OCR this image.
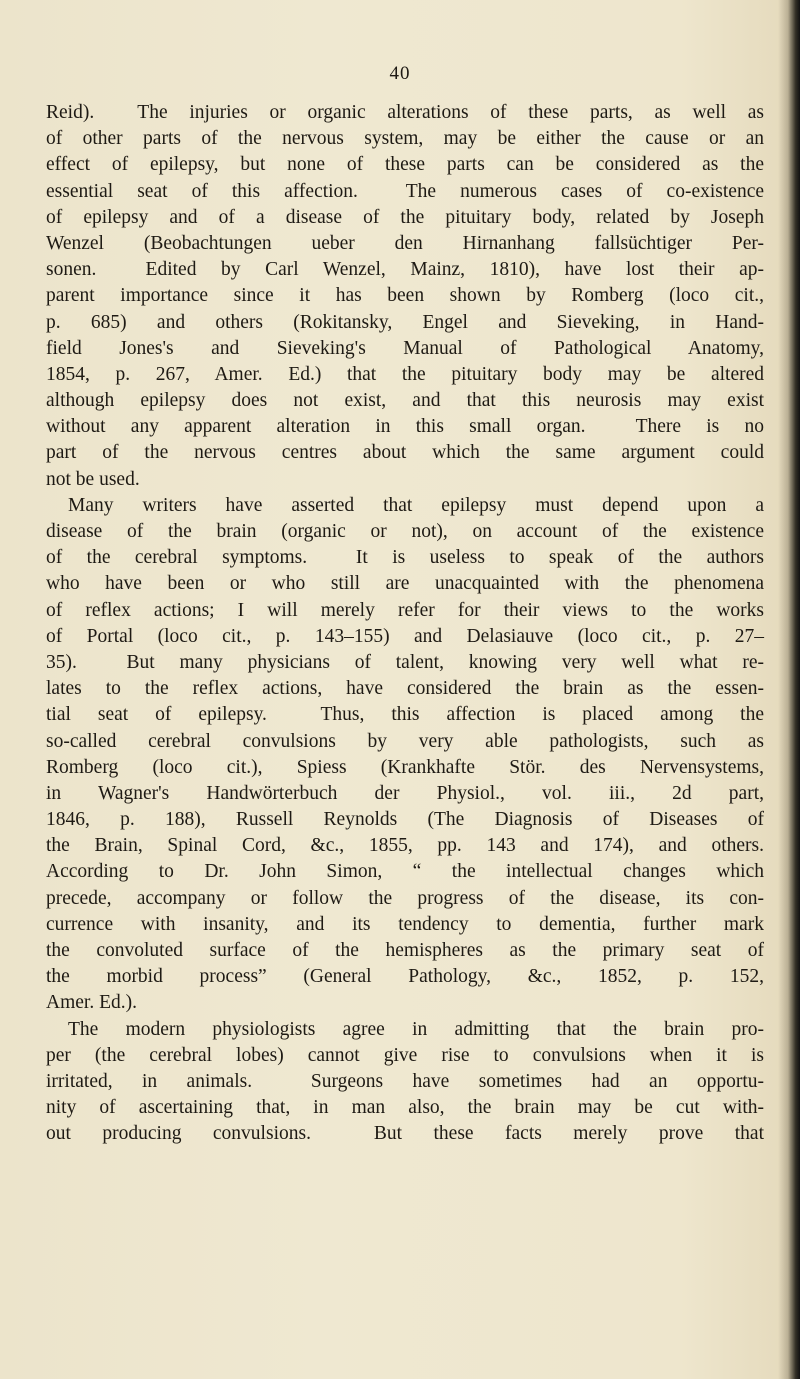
40
Reid).  The injuries or organic alterations of these parts, as well as
of other parts of the nervous system, may be either the cause or an
effect of epilepsy, but none of these parts can be considered as the
essential seat of this affection.  The numerous cases of co-existence
of epilepsy and of a disease of the pituitary body, related by Joseph
Wenzel (Beobachtungen ueber den Hirnanhang fallsüchtiger Per-
sonen.  Edited by Carl Wenzel, Mainz, 1810), have lost their ap-
parent importance since it has been shown by Romberg (loco cit.,
p. 685) and others (Rokitansky, Engel and Sieveking, in Hand-
field Jones's and Sieveking's Manual of Pathological Anatomy,
1854, p. 267, Amer. Ed.) that the pituitary body may be altered
although epilepsy does not exist, and that this neurosis may exist
without any apparent alteration in this small organ.  There is no
part of the nervous centres about which the same argument could
not be used.
Many writers have asserted that epilepsy must depend upon a
disease of the brain (organic or not), on account of the existence
of the cerebral symptoms.  It is useless to speak of the authors
who have been or who still are unacquainted with the phenomena
of reflex actions; I will merely refer for their views to the works
of Portal (loco cit., p. 143–155) and Delasiauve (loco cit., p. 27–
35).  But many physicians of talent, knowing very well what re-
lates to the reflex actions, have considered the brain as the essen-
tial seat of epilepsy.  Thus, this affection is placed among the
so-called cerebral convulsions by very able pathologists, such as
Romberg (loco cit.), Spiess (Krankhafte Stör. des Nervensystems,
in Wagner's Handwörterbuch der Physiol., vol. iii., 2d part,
1846, p. 188), Russell Reynolds (The Diagnosis of Diseases of
the Brain, Spinal Cord, &c., 1855, pp. 143 and 174), and others.
According to Dr. John Simon, “ the intellectual changes which
precede, accompany or follow the progress of the disease, its con-
currence with insanity, and its tendency to dementia, further mark
the convoluted surface of the hemispheres as the primary seat of
the morbid process” (General Pathology, &c., 1852, p. 152,
Amer. Ed.).
The modern physiologists agree in admitting that the brain pro-
per (the cerebral lobes) cannot give rise to convulsions when it is
irritated, in animals.  Surgeons have sometimes had an opportu-
nity of ascertaining that, in man also, the brain may be cut with-
out producing convulsions.  But these facts merely prove that
